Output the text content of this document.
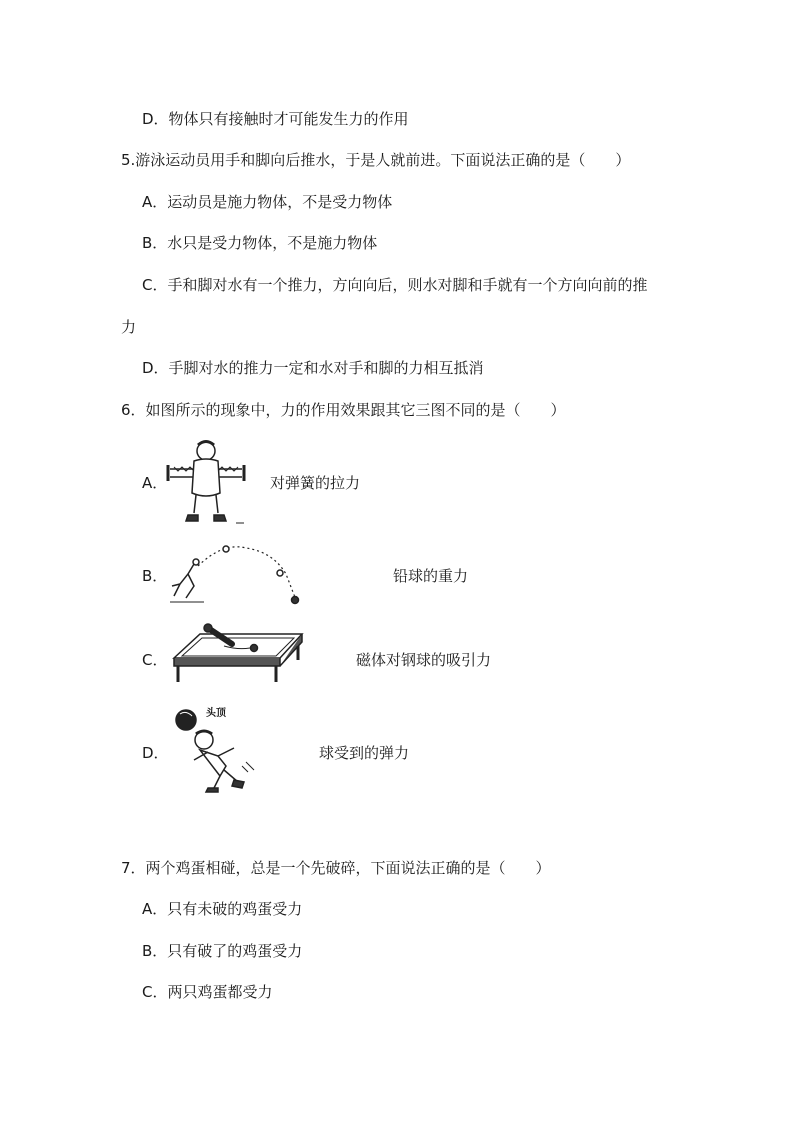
D．物体只有接触时才可能发生力的作用
5.游泳运动员用手和脚向后推水，于是人就前进。下面说法正确的是（　　）
A．运动员是施力物体，不是受力物体
B．水只是受力物体，不是施力物体
C．手和脚对水有一个推力，方向向后，则水对脚和手就有一个方向向前的推
力
D．手脚对水的推力一定和水对手和脚的力相互抵消
6．如图所示的现象中，力的作用效果跟其它三图不同的是（　　）
A．	对弹簧的拉力
B．	铅球的重力
C．	磁体对钢球的吸引力
D．
头顶
球受到的弹力
7．两个鸡蛋相碰，总是一个先破碎，下面说法正确的是（　　）
A．只有未破的鸡蛋受力
B．只有破了的鸡蛋受力
C．两只鸡蛋都受力
